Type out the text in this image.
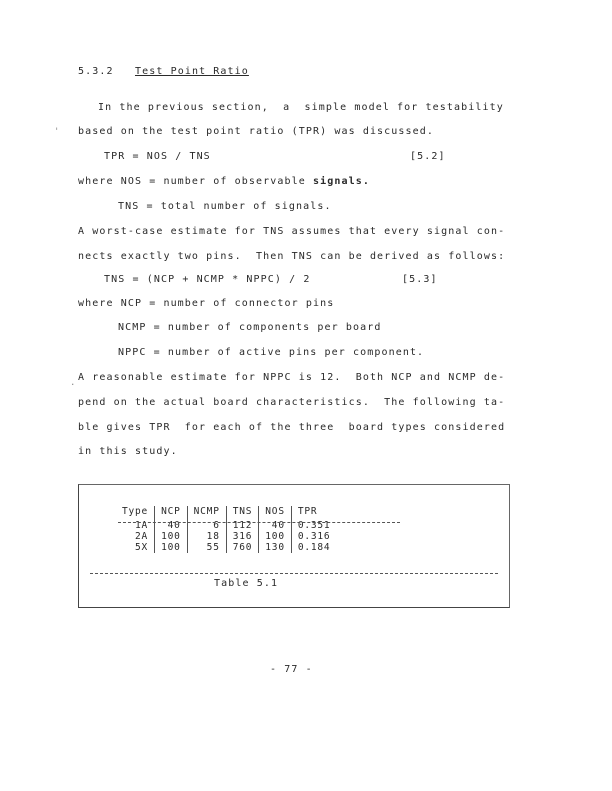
5.3.2 Test Point Ratio
In the previous section,  a  simple model for testability
based on the test point ratio (TPR) was discussed.
TPR = NOS / TNS	[5.2]
where NOS = number of observable signals.
TNS = total number of signals.
A worst-case estimate for TNS assumes that every signal con-
nects exactly two pins.  Then TNS can be derived as follows:
TNS = (NCP + NCMP * NPPC) / 2	[5.3]
where NCP = number of connector pins
NCMP = number of components per board
NPPC = number of active pins per component.
A reasonable estimate for NPPC is 12.  Both NCP and NCMP de-
pend on the actual board characteristics.  The following ta-
ble gives TPR  for each of the three  board types considered
in this study.
Type	NCP	NCMP	TNS	NOS	TPR
1A	40	6	112	40	0.351
2A	100	18	316	100	0.316
5X	100	55	760	130	0.184
Table 5.1
- 77 -
'
.
